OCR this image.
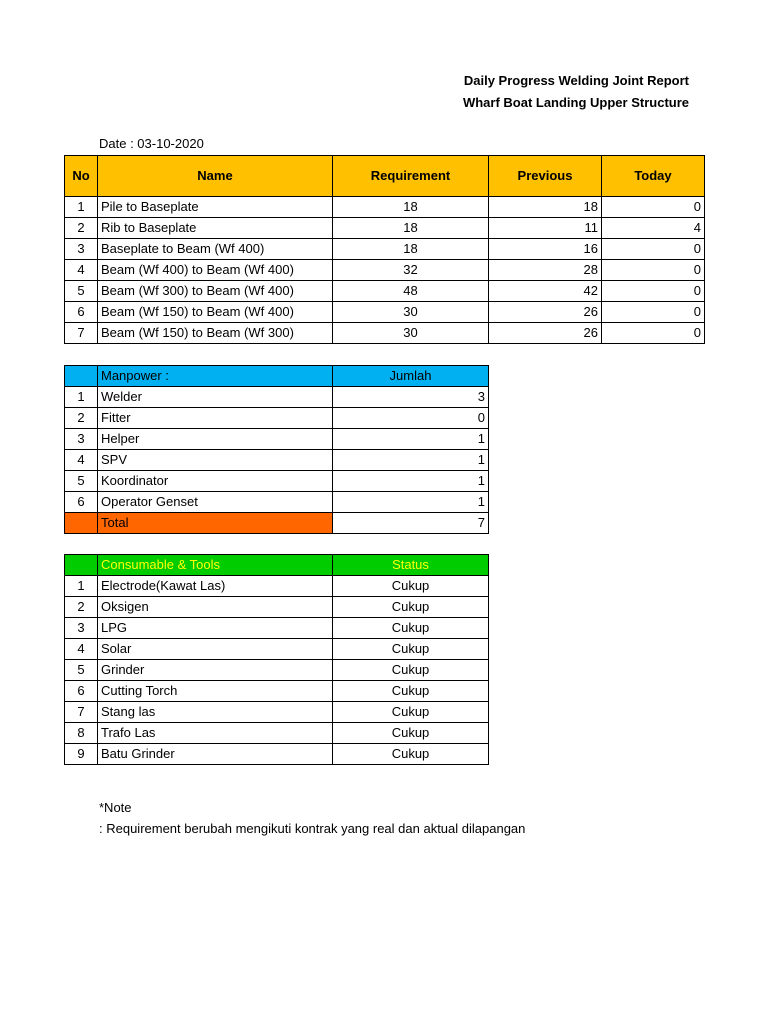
Daily Progress Welding Joint Report
Wharf Boat Landing Upper Structure
Date : 03-10-2020
No	Name	Requirement	Previous	Today
1	Pile to Baseplate	18	18	0
2	Rib to Baseplate	18	11	4
3	Baseplate to Beam (Wf 400)	18	16	0
4	Beam (Wf 400) to Beam (Wf 400)	32	28	0
5	Beam (Wf 300) to Beam (Wf 400)	48	42	0
6	Beam (Wf 150) to Beam (Wf 400)	30	26	0
7	Beam (Wf 150) to Beam (Wf 300)	30	26	0
	Manpower :	Jumlah
1	Welder	3
2	Fitter	0
3	Helper	1
4	SPV	1
5	Koordinator	1
6	Operator Genset	1
	Total	7
	Consumable & Tools	Status
1	Electrode(Kawat Las)	Cukup
2	Oksigen	Cukup
3	LPG	Cukup
4	Solar	Cukup
5	Grinder	Cukup
6	Cutting Torch	Cukup
7	Stang las	Cukup
8	Trafo Las	Cukup
9	Batu Grinder	Cukup
*Note
: Requirement berubah mengikuti kontrak yang real dan aktual dilapangan
